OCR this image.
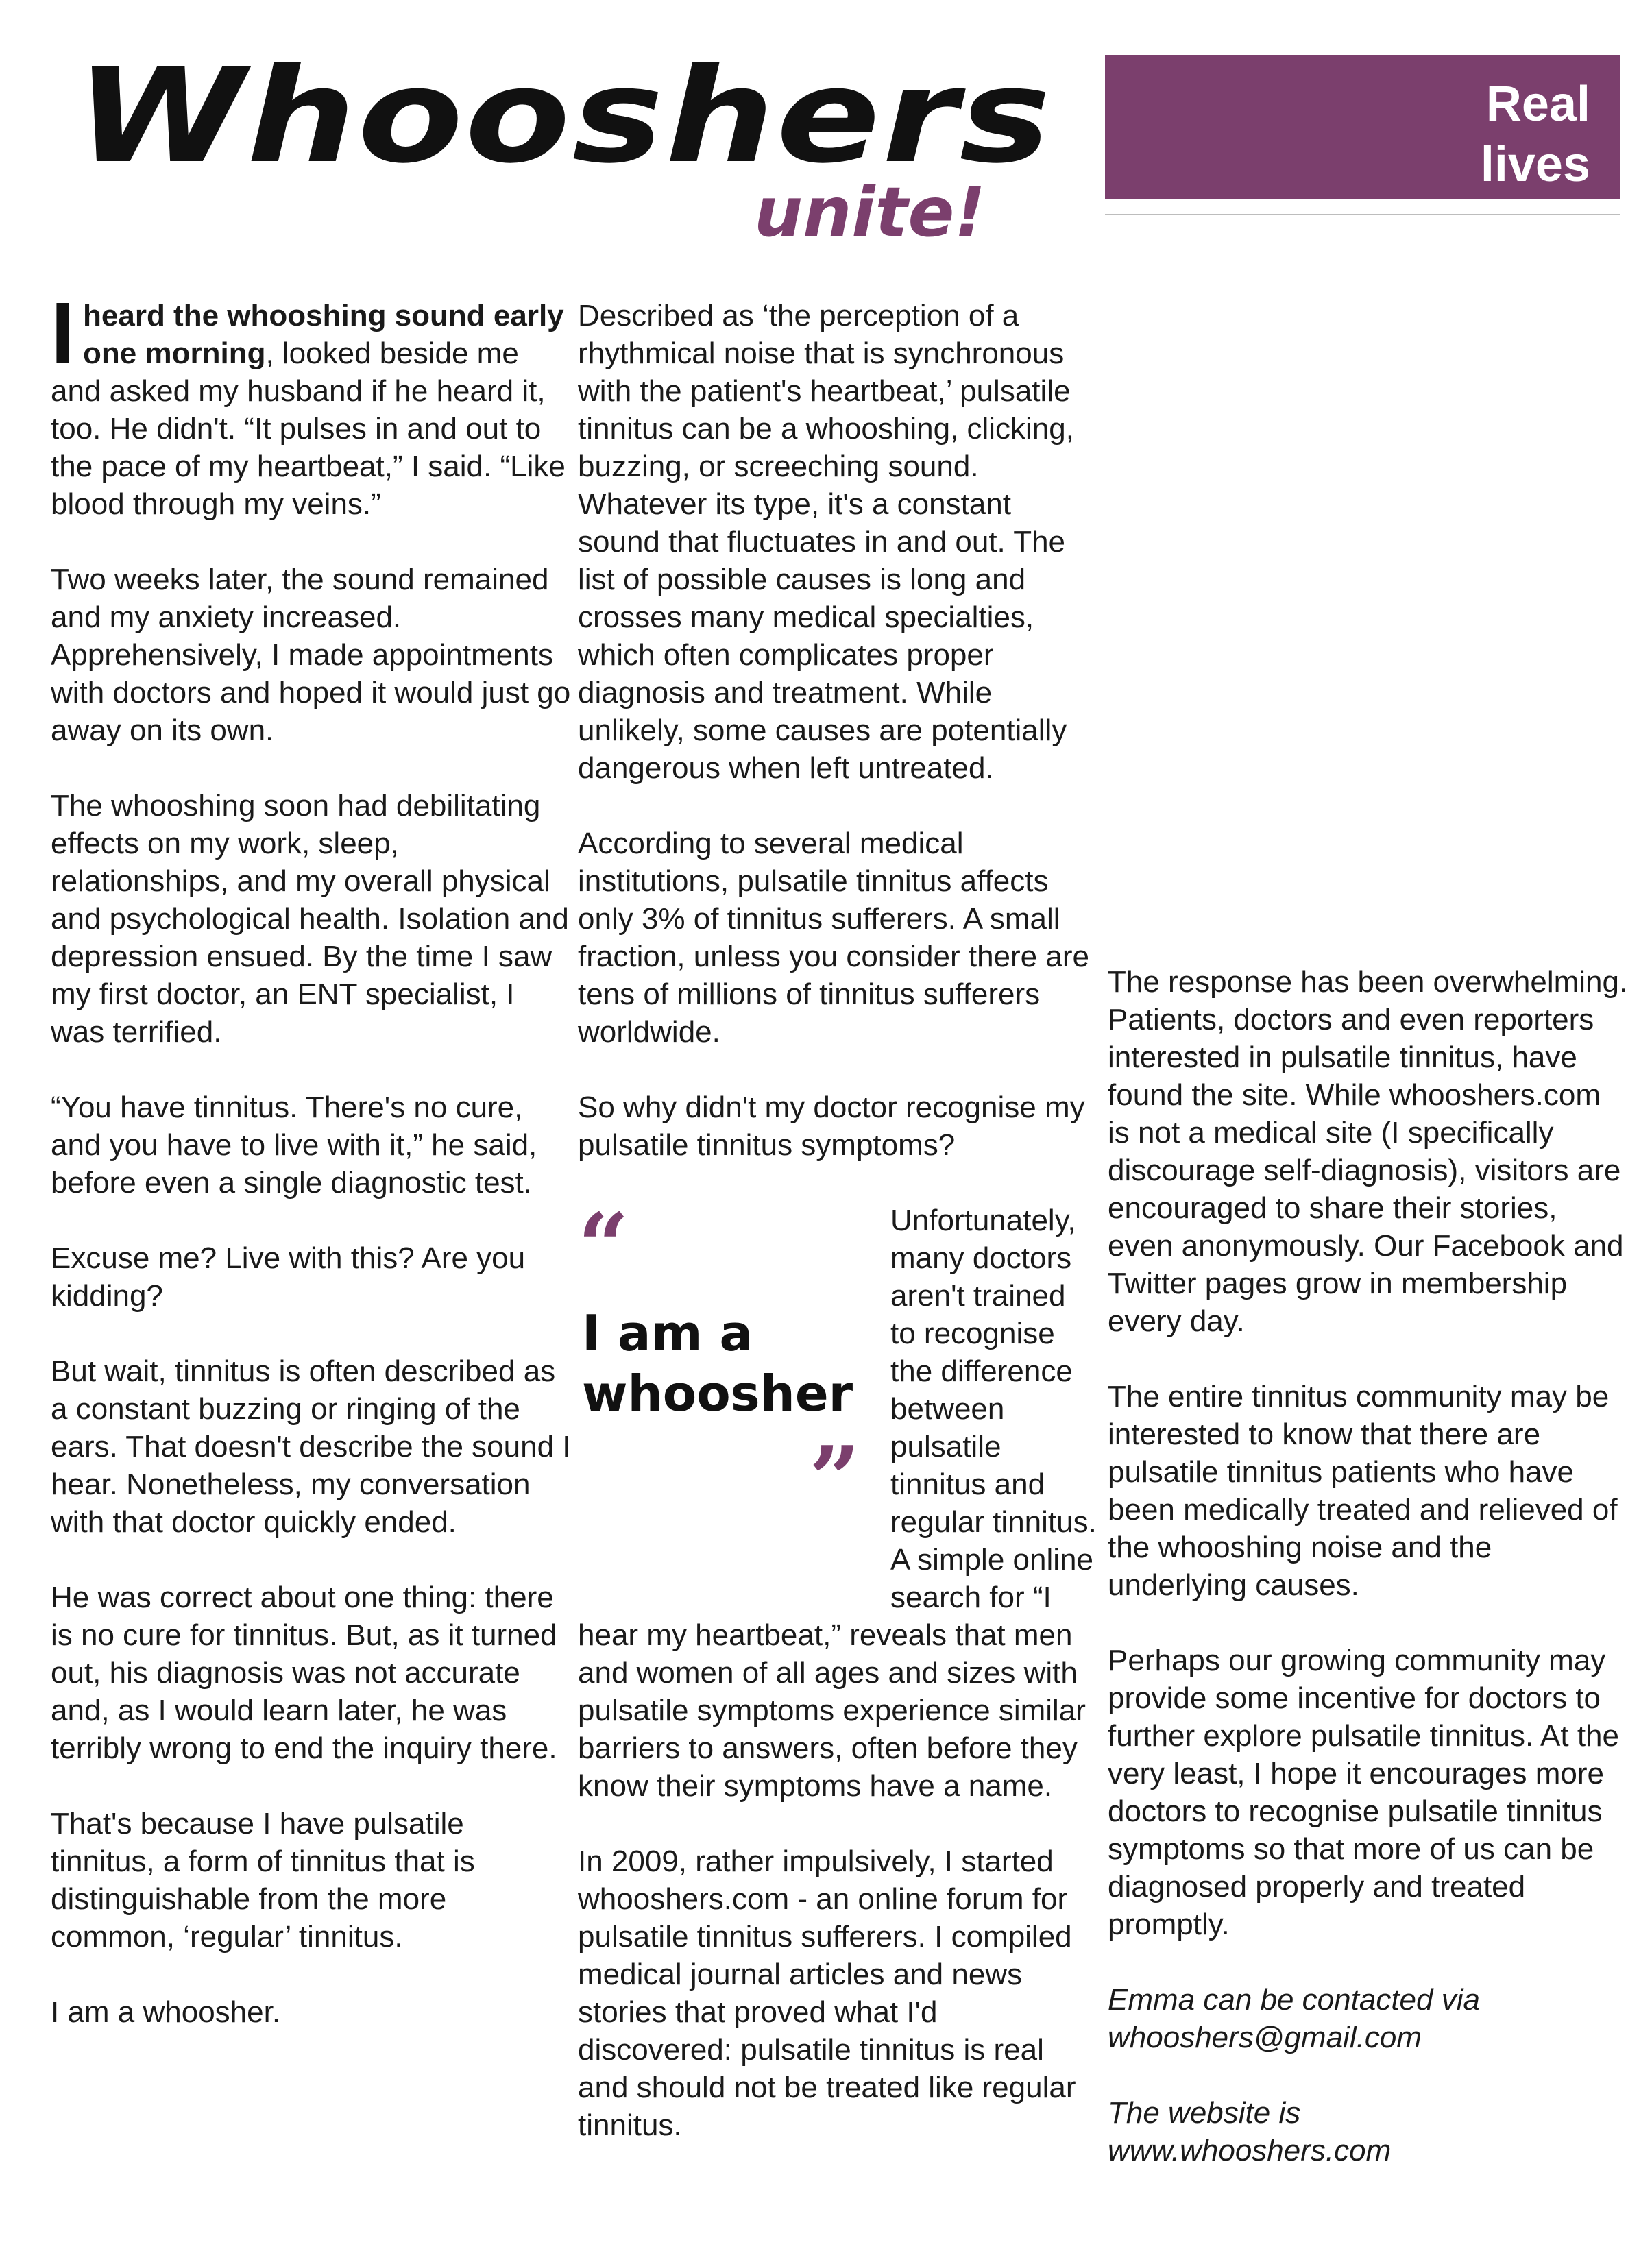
Whooshers
unite!
Real
lives

Iheard the whooshing sound early one morning, looked beside me and asked my husband if he heard it, too. He didn't. “It pulses in and out to the pace of my heartbeat,” I said. “Like blood through my veins.”

Two weeks later, the sound remained and my anxiety increased. Apprehensively, I made appointments with doctors and hoped it would just go away on its own.

The whooshing soon had debilitating effects on my work, sleep, relationships, and my overall physical and psychological health. Isolation and depression ensued. By the time I saw my first doctor, an ENT specialist, I was terrified.

“You have tinnitus. There's no cure, and you have to live with it,” he said, before even a single diagnostic test.

Excuse me? Live with this? Are you kidding?

But wait, tinnitus is often described as a constant buzzing or ringing of the ears. That doesn't describe the sound I hear. Nonetheless, my conversation with that doctor quickly ended.

He was correct about one thing: there is no cure for tinnitus. But, as it turned out, his diagnosis was not accurate and, as I would learn later, he was terribly wrong to end the inquiry there.

That's because I have pulsatile tinnitus, a form of tinnitus that is distinguishable from the more common, ‘regular’ tinnitus.

I am a whoosher.

Described as ‘the perception of a rhythmical noise that is synchronous with the patient's heartbeat,’ pulsatile tinnitus can be a whooshing, clicking, buzzing, or screeching sound. Whatever its type, it's a constant sound that fluctuates in and out. The list of possible causes is long and crosses many medical specialties, which often complicates proper diagnosis and treatment. While unlikely, some causes are potentially dangerous when left untreated.

According to several medical institutions, pulsatile tinnitus affects only 3% of tinnitus sufferers. A small fraction, unless you consider there are tens of millions of tinnitus sufferers worldwide.

So why didn't my doctor recognise my pulsatile tinnitus symptoms?

“
I am a whoosher
”

Unfortunately, many doctors aren't trained to recognise the difference between pulsatile tinnitus and regular tinnitus. A simple online search for “I hear my heartbeat,” reveals that men and women of all ages and sizes with pulsatile symptoms experience similar barriers to answers, often before they know their symptoms have a name.

In 2009, rather impulsively, I started whooshers.com - an online forum for pulsatile tinnitus sufferers. I compiled medical journal articles and news stories that proved what I'd discovered: pulsatile tinnitus is real and should not be treated like regular tinnitus.

The response has been overwhelming. Patients, doctors and even reporters interested in pulsatile tinnitus, have found the site. While whooshers.com is not a medical site (I specifically discourage self-diagnosis), visitors are encouraged to share their stories, even anonymously. Our Facebook and Twitter pages grow in membership every day.

The entire tinnitus community may be interested to know that there are pulsatile tinnitus patients who have been medically treated and relieved of the whooshing noise and the underlying causes.

Perhaps our growing community may provide some incentive for doctors to further explore pulsatile tinnitus. At the very least, I hope it encourages more doctors to recognise pulsatile tinnitus symptoms so that more of us can be diagnosed properly and treated promptly.

Emma can be contacted via
whooshers@gmail.com

The website is
www.whooshers.com
